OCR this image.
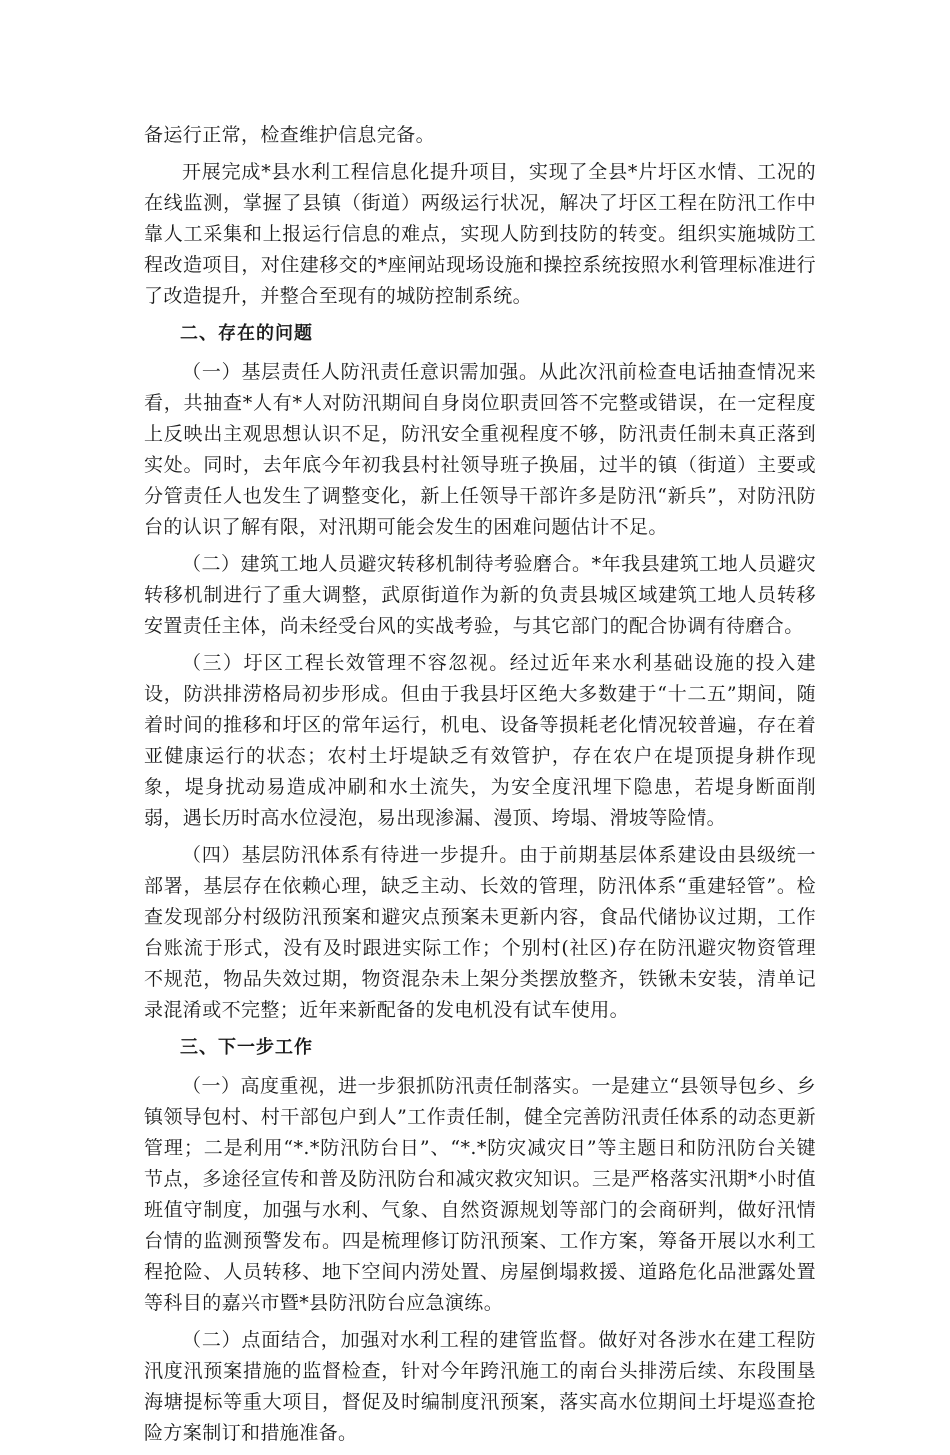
备运行正常，检查维护信息完备。

开展完成*县水利工程信息化提升项目，实现了全县*片圩区水情、工况的在线监测，掌握了县镇（街道）两级运行状况，解决了圩区工程在防汛工作中靠人工采集和上报运行信息的难点，实现人防到技防的转变。组织实施城防工程改造项目，对住建移交的*座闸站现场设施和操控系统按照水利管理标准进行了改造提升，并整合至现有的城防控制系统。

二、存在的问题

（一）基层责任人防汛责任意识需加强。从此次汛前检查电话抽查情况来看，共抽查*人有*人对防汛期间自身岗位职责回答不完整或错误，在一定程度上反映出主观思想认识不足，防汛安全重视程度不够，防汛责任制未真正落到实处。同时，去年底今年初我县村社领导班子换届，过半的镇（街道）主要或分管责任人也发生了调整变化，新上任领导干部许多是防汛“新兵”，对防汛防台的认识了解有限，对汛期可能会发生的困难问题估计不足。

（二）建筑工地人员避灾转移机制待考验磨合。*年我县建筑工地人员避灾转移机制进行了重大调整，武原街道作为新的负责县城区域建筑工地人员转移安置责任主体，尚未经受台风的实战考验，与其它部门的配合协调有待磨合。

（三）圩区工程长效管理不容忽视。经过近年来水利基础设施的投入建设，防洪排涝格局初步形成。但由于我县圩区绝大多数建于“十二五”期间，随着时间的推移和圩区的常年运行，机电、设备等损耗老化情况较普遍，存在着亚健康运行的状态；农村土圩堤缺乏有效管护，存在农户在堤顶提身耕作现象，堤身扰动易造成冲刷和水土流失，为安全度汛埋下隐患，若堤身断面削弱，遇长历时高水位浸泡，易出现渗漏、漫顶、垮塌、滑坡等险情。

（四）基层防汛体系有待进一步提升。由于前期基层体系建设由县级统一部署，基层存在依赖心理，缺乏主动、长效的管理，防汛体系“重建轻管”。检查发现部分村级防汛预案和避灾点预案未更新内容，食品代储协议过期，工作台账流于形式，没有及时跟进实际工作；个别村(社区)存在防汛避灾物资管理不规范，物品失效过期，物资混杂未上架分类摆放整齐，铁锹未安装，清单记录混淆或不完整；近年来新配备的发电机没有试车使用。

三、下一步工作

（一）高度重视，进一步狠抓防汛责任制落实。一是建立“县领导包乡、乡镇领导包村、村干部包户到人”工作责任制，健全完善防汛责任体系的动态更新管理；二是利用“*.*防汛防台日”、“*.*防灾减灾日”等主题日和防汛防台关键节点，多途径宣传和普及防汛防台和减灾救灾知识。三是严格落实汛期*小时值班值守制度，加强与水利、气象、自然资源规划等部门的会商研判，做好汛情台情的监测预警发布。四是梳理修订防汛预案、工作方案，筹备开展以水利工程抢险、人员转移、地下空间内涝处置、房屋倒塌救援、道路危化品泄露处置等科目的嘉兴市暨*县防汛防台应急演练。

（二）点面结合，加强对水利工程的建管监督。做好对各涉水在建工程防汛度汛预案措施的监督检查，针对今年跨汛施工的南台头排涝后续、东段围垦海塘提标等重大项目，督促及时编制度汛预案，落实高水位期间土圩堤巡查抢险方案制订和措施准备。
